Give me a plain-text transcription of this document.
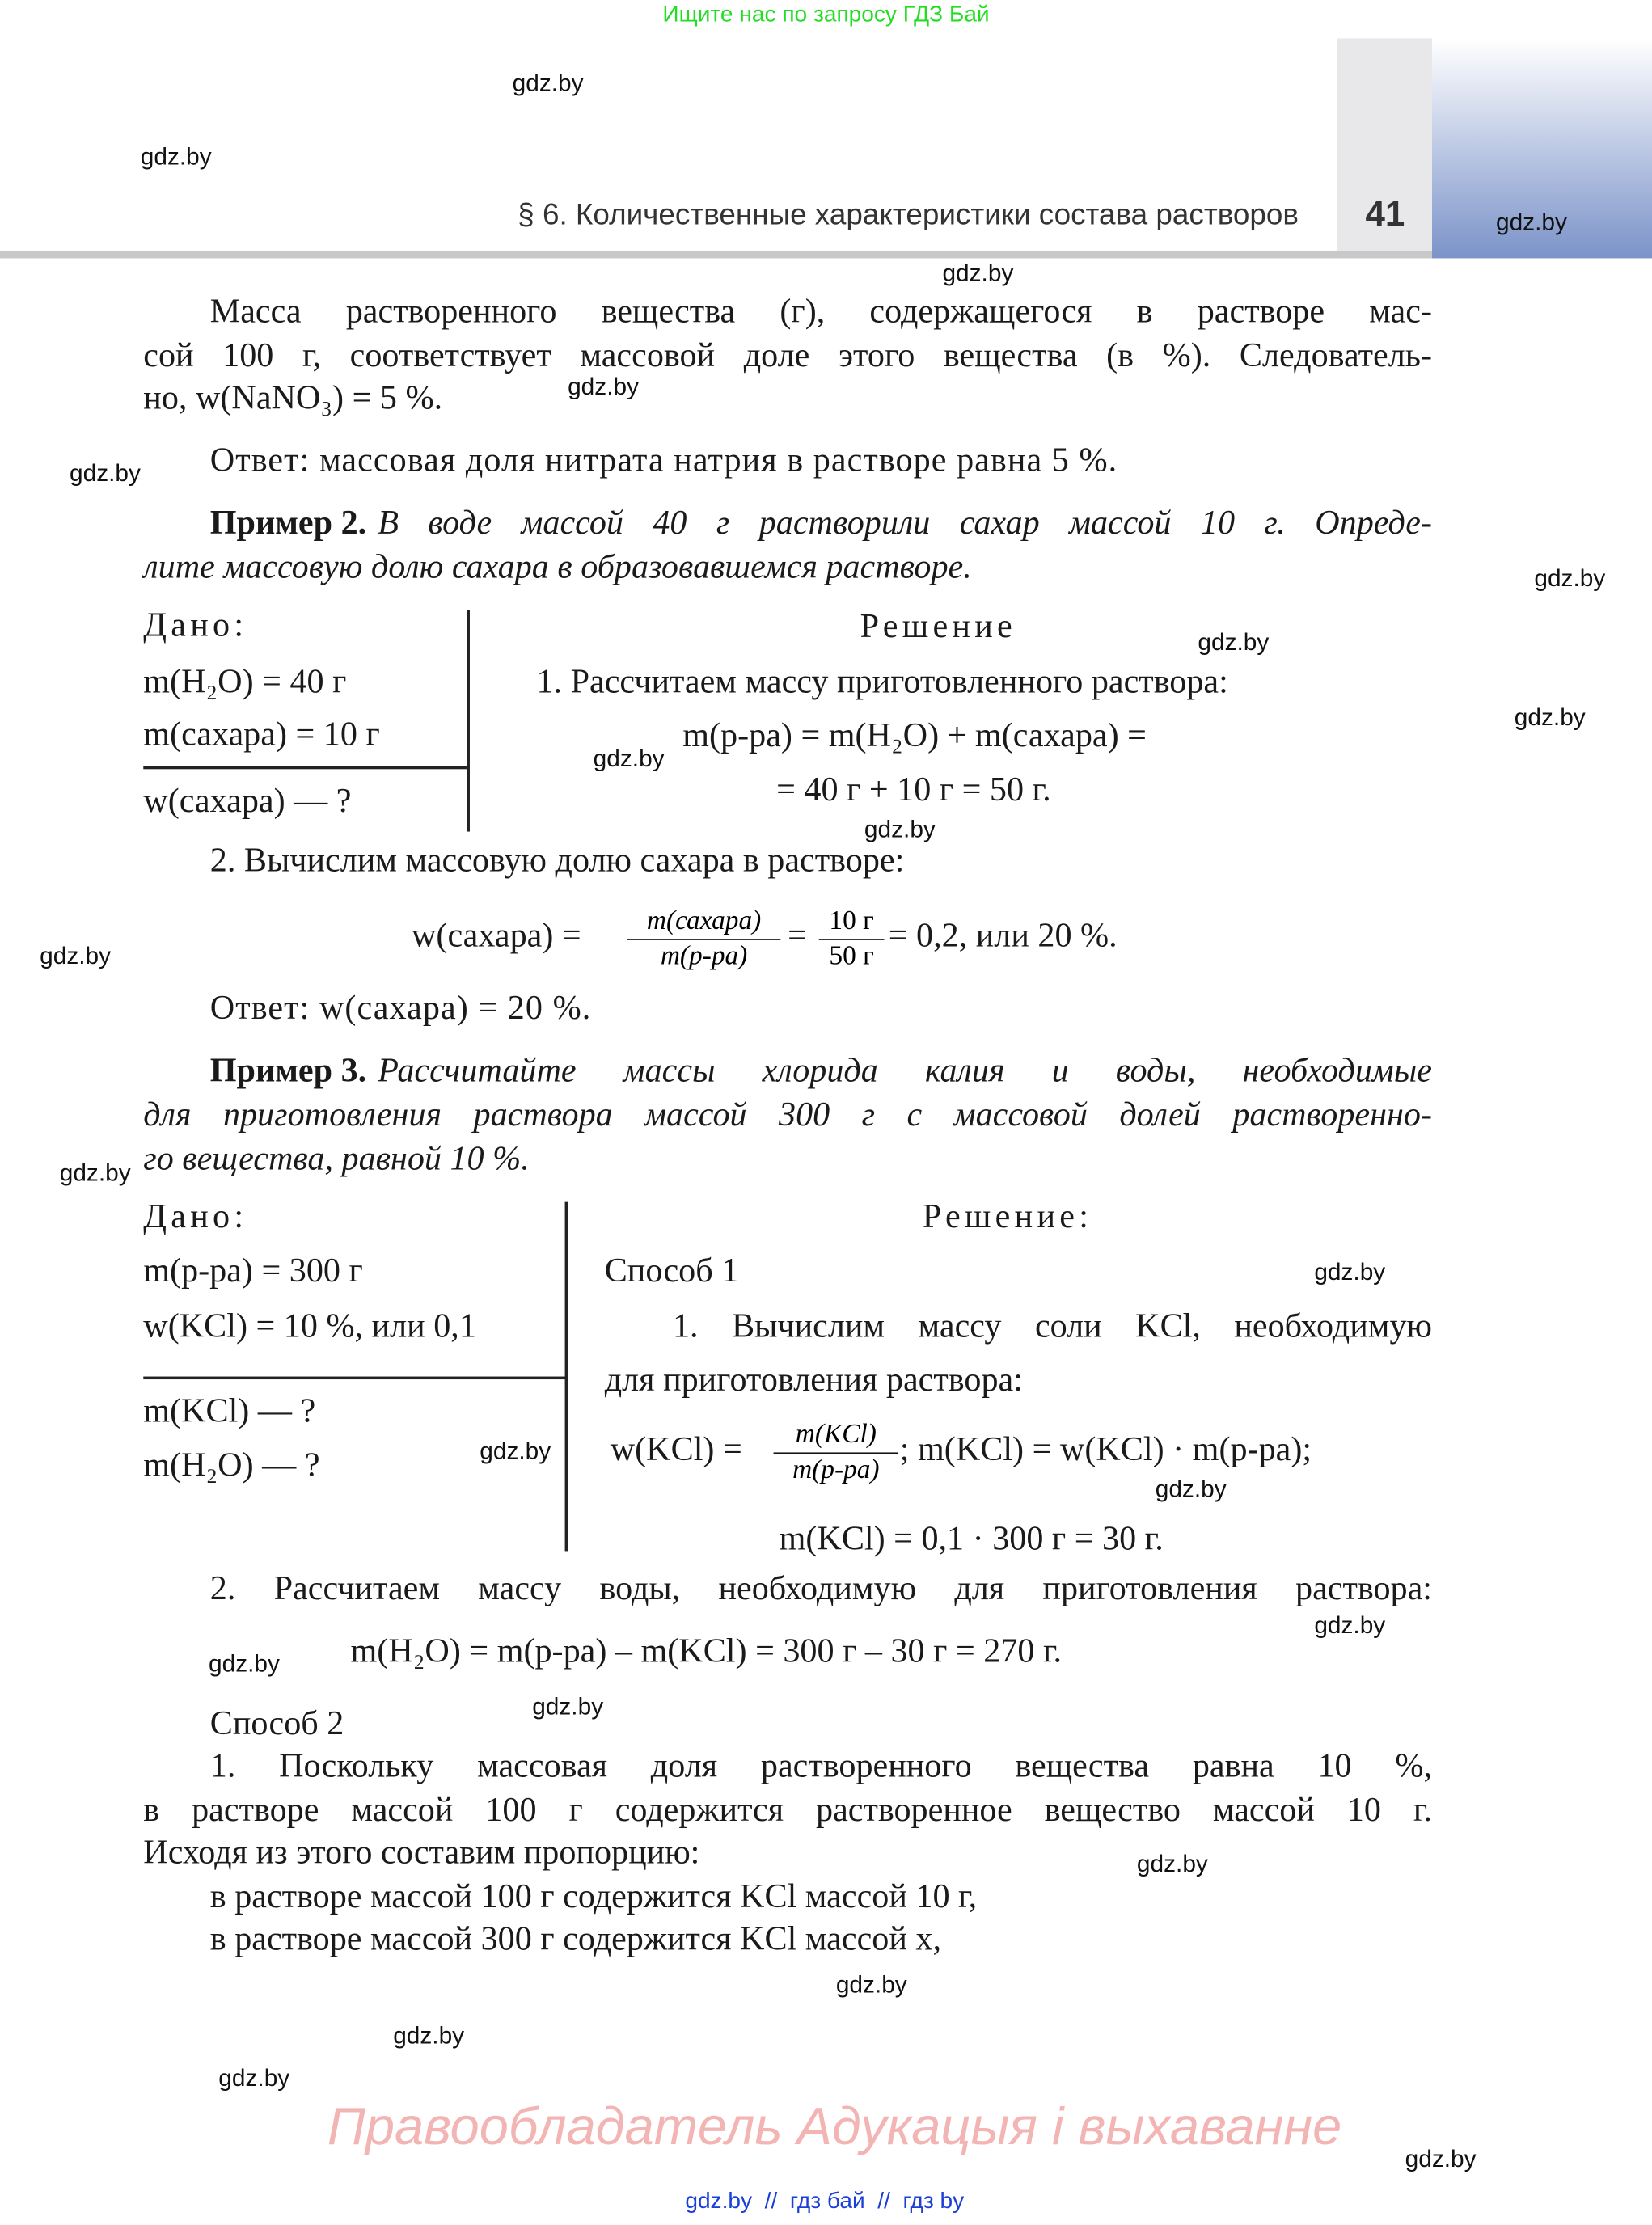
Ищите нас по запросу ГДЗ Бай
§ 6. Количественные характеристики состава растворов	41
gdz.by
gdz.by
gdz.by
gdz.by
gdz.by
gdz.by
gdz.by
gdz.by
gdz.by
gdz.by
gdz.by
gdz.by
gdz.by
gdz.by
gdz.by
gdz.by
gdz.by
gdz.by
gdz.by
gdz.by
gdz.by
gdz.by
gdz.by
gdz.by
Масса растворенного вещества (г), содержащегося в растворе мас-
сой 100 г, соответствует массовой доле этого вещества (в %). Следователь-
но, w(NaNO₃) = 5 %.
Ответ: массовая доля нитрата натрия в растворе равна 5 %.
Пример 2. В воде массой 40 г растворили сахар массой 10 г. Опреде-
лите массовую долю сахара в образовавшемся растворе.
Дано:
m(H₂O) = 40 г
m(сахара) = 10 г
w(сахара) — ?
Решение
1. Рассчитаем массу приготовленного раствора:
m(р-ра) = m(H₂O) + m(сахара) =
= 40 г + 10 г = 50 г.
2. Вычислим массовую долю сахара в растворе:
w(сахара) =	m(сахара)
m(р-ра)
=	10 г
50 г
= 0,2, или 20 %.
Ответ: w(сахара) = 20 %.
Пример 3. Рассчитайте массы хлорида калия и воды, необходимые
для приготовления раствора массой 300 г с массовой долей растворенно-
го вещества, равной 10 %.
Дано:
m(р-ра) = 300 г
w(KCl) = 10 %, или 0,1
m(KCl) — ?
m(H₂O) — ?
Решение:
Способ 1
1. Вычислим массу соли KCl, необходимую
для приготовления раствора:
w(KCl) =	m(KCl)
m(р-ра)
; m(KCl) = w(KCl) · m(р-ра);
m(KCl) = 0,1 · 300 г = 30 г.
2. Рассчитаем массу воды, необходимую для приготовления раствора:
m(H₂O) = m(р-ра) – m(KCl) = 300 г – 30 г = 270 г.
Способ 2
1. Поскольку массовая доля растворенного вещества равна 10 %,
в растворе массой 100 г содержится растворенное вещество массой 10 г.
Исходя из этого составим пропорцию:
в растворе массой 100 г содержится KCl массой 10 г,
в растворе массой 300 г содержится KCl массой x,
Правообладатель Адукацыя і выхаванне
gdz.by  //  гдз бай  //  гдз by
